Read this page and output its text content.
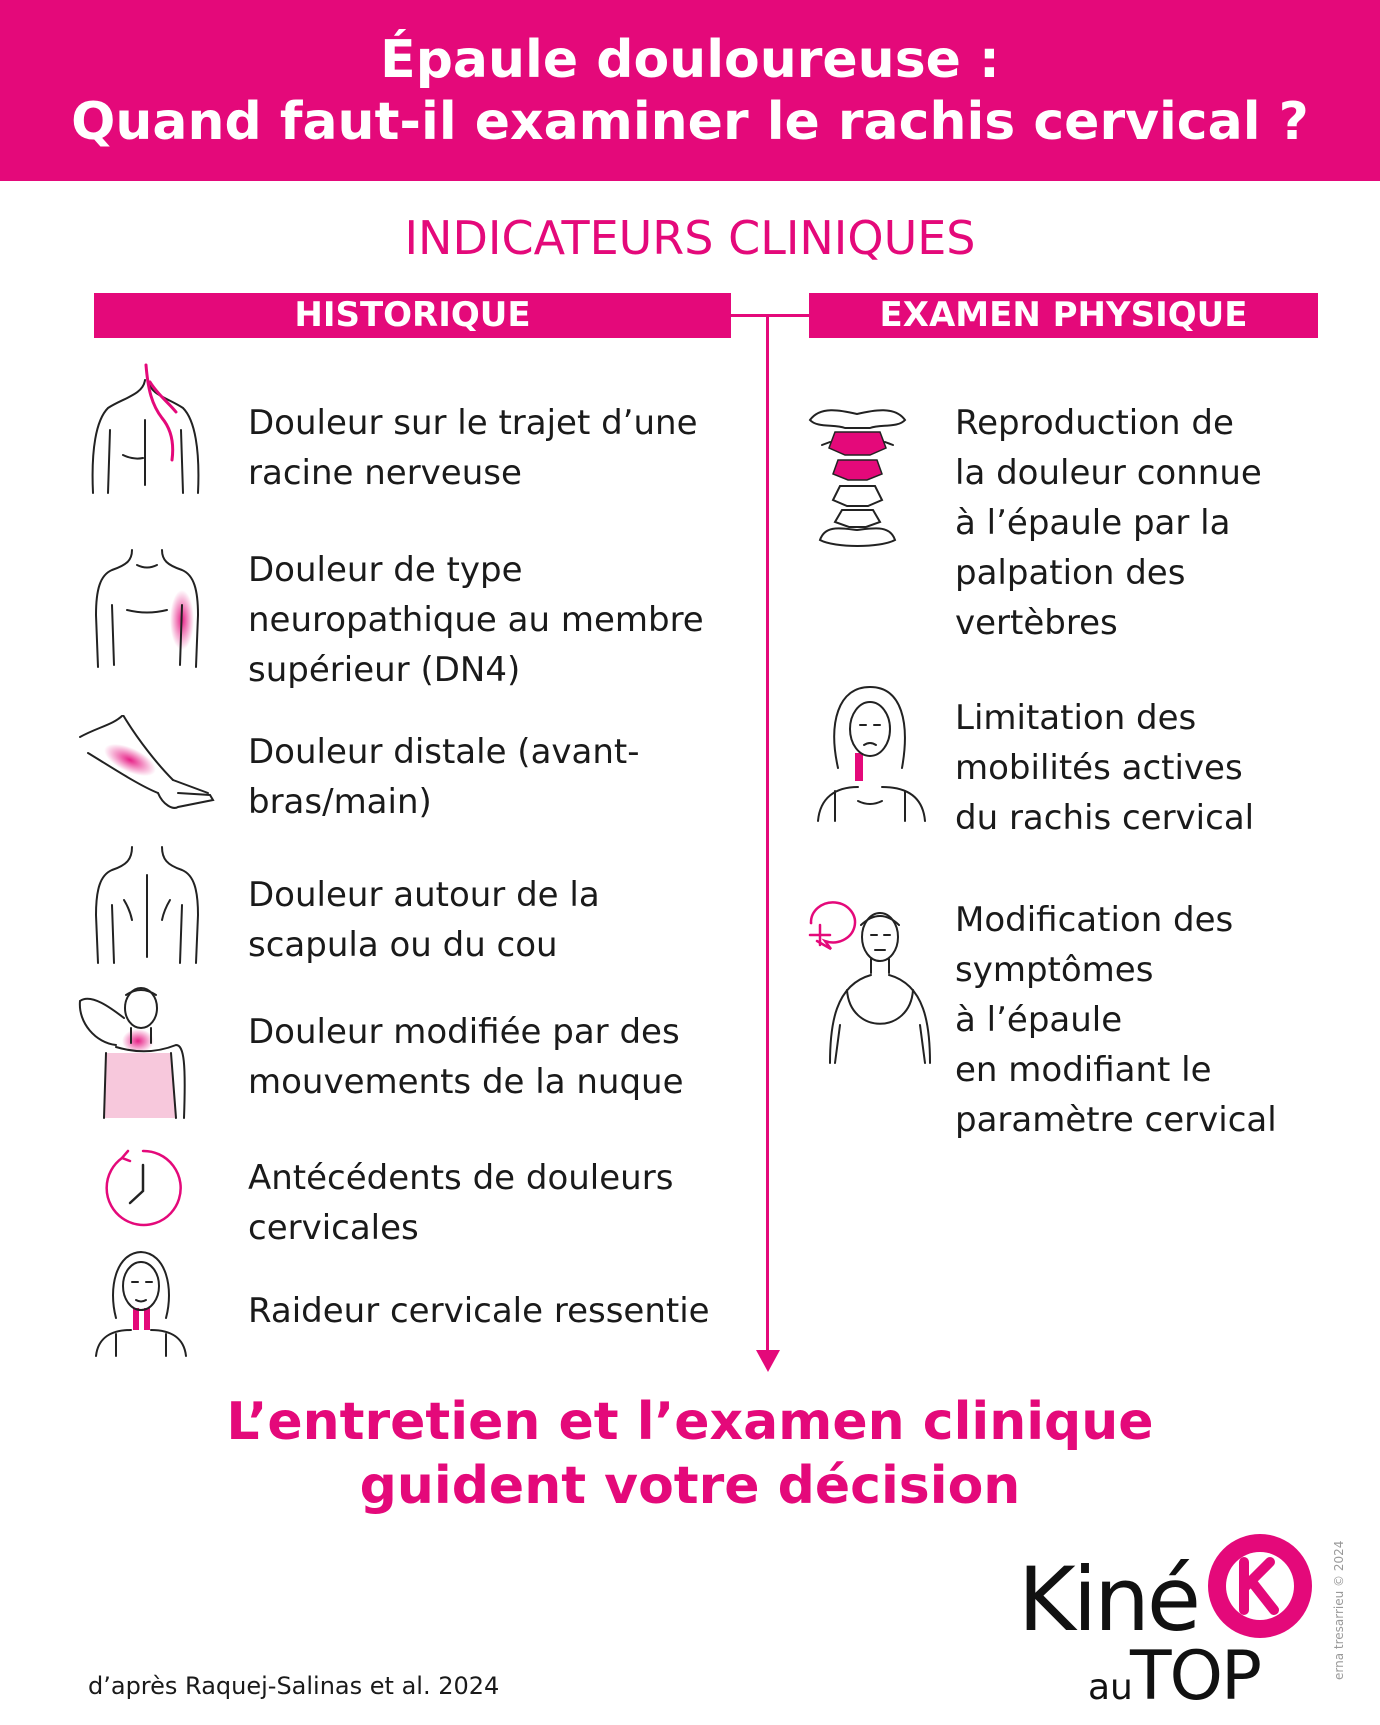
Épaule douloureuse :
Quand faut-il examiner le rachis cervical ?
INDICATEURS CLINIQUES
HISTORIQUE	EXAMEN PHYSIQUE
Douleur sur le trajet d’une
racine nerveuse
Douleur de type
neuropathique au membre
supérieur (DN4)
Douleur distale (avant-
bras/main)
Douleur autour de la
scapula ou du cou
Douleur modifiée par des
mouvements de la nuque
Antécédents de douleurs
cervicales
Raideur cervicale ressentie
Reproduction de
la douleur connue
à l’épaule par la
palpation des
vertèbres
Limitation des
mobilités actives
du rachis cervical
Modification des
symptômes
à l’épaule
en modifiant le
paramètre cervical
L’entretien et l’examen clinique
guident votre décision
d’après Raquej-Salinas et al. 2024
Kiné
au
TOP	erna tresarrieu © 2024
